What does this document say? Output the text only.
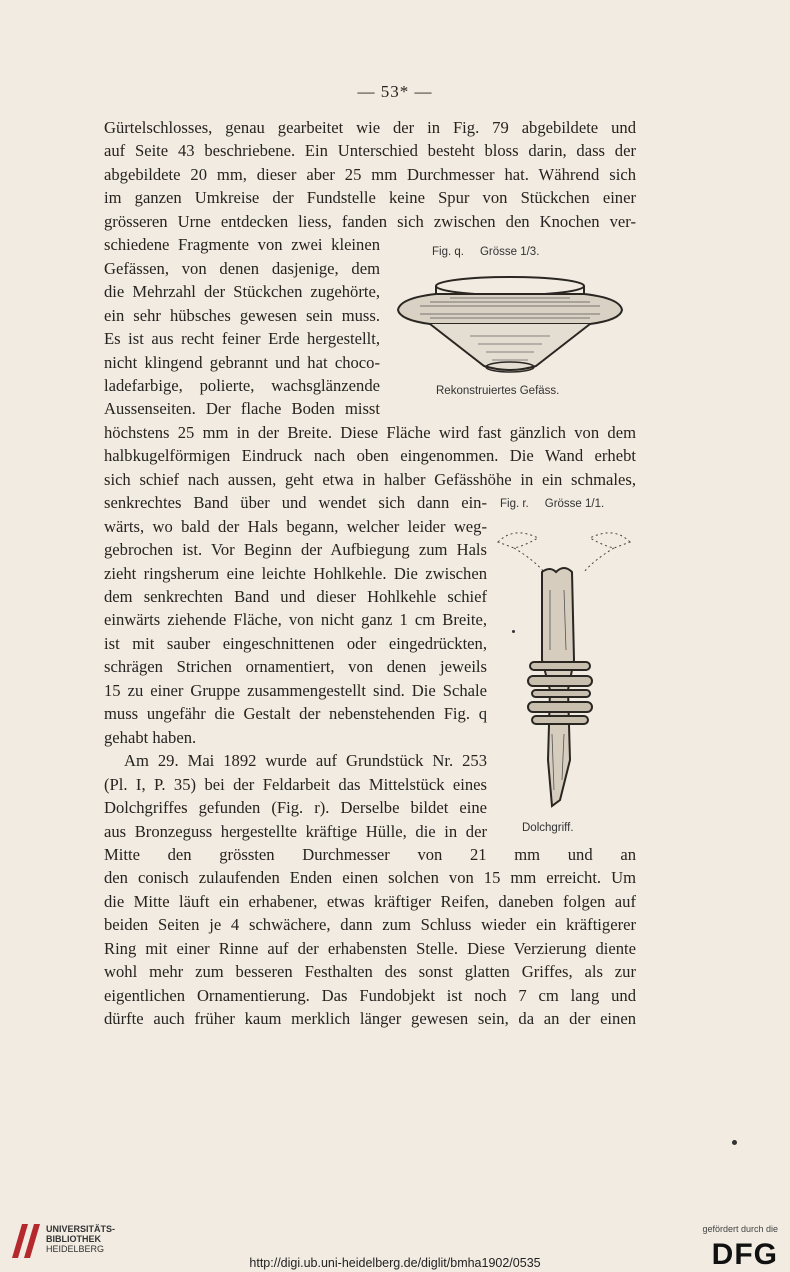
— 53* —
Gürtelschlosses, genau gearbeitet wie der in Fig. 79 abgebildete und
auf Seite 43 beschriebene. Ein Unterschied besteht bloss darin, dass der
abgebildete 20 mm, dieser aber 25 mm Durchmesser hat. Während sich
im ganzen Umkreise der Fundstelle keine Spur von Stückchen einer
grösseren Urne entdecken liess, fanden sich zwischen den Knochen ver-
schiedene Fragmente von zwei kleinen
Gefässen, von denen dasjenige, dem
die Mehrzahl der Stückchen zugehörte,
ein sehr hübsches gewesen sein muss.
Es ist aus recht feiner Erde hergestellt,
nicht klingend gebrannt und hat choco-
ladefarbige, polierte, wachsglänzende
Aussenseiten. Der flache Boden misst
höchstens 25 mm in der Breite. Diese Fläche wird fast gänzlich von dem
halbkugelförmigen Eindruck nach oben eingenommen. Die Wand erhebt
sich schief nach aussen, geht etwa in halber Gefässhöhe in ein schmales,
senkrechtes Band über und wendet sich dann ein-
wärts, wo bald der Hals begann, welcher leider weg-
gebrochen ist. Vor Beginn der Aufbiegung zum Hals
zieht ringsherum eine leichte Hohlkehle. Die zwischen
dem senkrechten Band und dieser Hohlkehle schief
einwärts ziehende Fläche, von nicht ganz 1 cm Breite,
ist mit sauber eingeschnittenen oder eingedrückten,
schrägen Strichen ornamentiert, von denen jeweils
15 zu einer Gruppe zusammengestellt sind. Die Schale
muss ungefähr die Gestalt der nebenstehenden Fig. q
gehabt haben.
Am 29. Mai 1892 wurde auf Grundstück Nr. 253
(Pl. I, P. 35) bei der Feldarbeit das Mittelstück eines
Dolchgriffes gefunden (Fig. r). Derselbe bildet eine
aus Bronzeguss hergestellte kräftige Hülle, die in der
Mitte den grössten Durchmesser von 21 mm und an
den conisch zulaufenden Enden einen solchen von 15 mm erreicht. Um
die Mitte läuft ein erhabener, etwas kräftiger Reifen, daneben folgen auf
beiden Seiten je 4 schwächere, dann zum Schluss wieder ein kräftigerer
Ring mit einer Rinne auf der erhabensten Stelle. Diese Verzierung diente
wohl mehr zum besseren Festhalten des sonst glatten Griffes, als zur
eigentlichen Ornamentierung. Das Fundobjekt ist noch 7 cm lang und
dürfte auch früher kaum merklich länger gewesen sein, da an der einen
Fig. q. Grösse 1/3.
Rekonstruiertes Gefäss.
Fig. r. Grösse 1/1.
Dolchgriff.
UNIVERSITÄTS-
BIBLIOTHEK
HEIDELBERG
http://digi.ub.uni-heidelberg.de/diglit/bmha1902/0535
gefördert durch die
DFG
